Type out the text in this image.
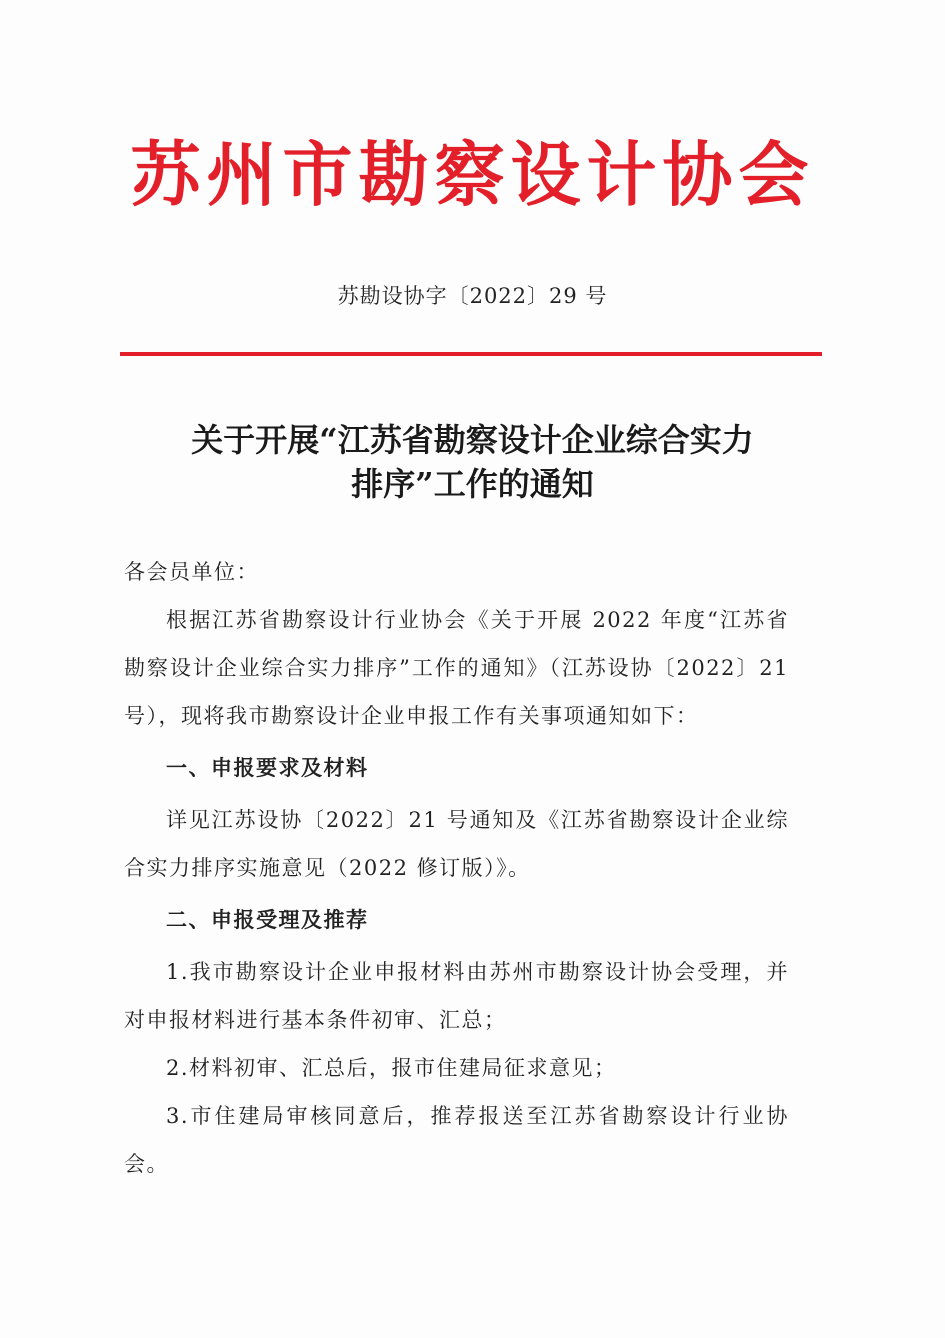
苏州市勘察设计协会
苏勘设协字〔2022〕29 号
关于开展“江苏省勘察设计企业综合实力
排序”工作的通知

各会员单位：

根据江苏省勘察设计行业协会《关于开展 2022 年度“江苏省勘察设计企业综合实力排序”工作的通知》（江苏设协〔2022〕21 号），现将我市勘察设计企业申报工作有关事项通知如下：

一、申报要求及材料

详见江苏设协〔2022〕21 号通知及《江苏省勘察设计企业综合实力排序实施意见（2022 修订版）》。

二、申报受理及推荐

1.我市勘察设计企业申报材料由苏州市勘察设计协会受理，并对申报材料进行基本条件初审、汇总；

2.材料初审、汇总后，报市住建局征求意见；

3.市住建局审核同意后，推荐报送至江苏省勘察设计行业协会。
